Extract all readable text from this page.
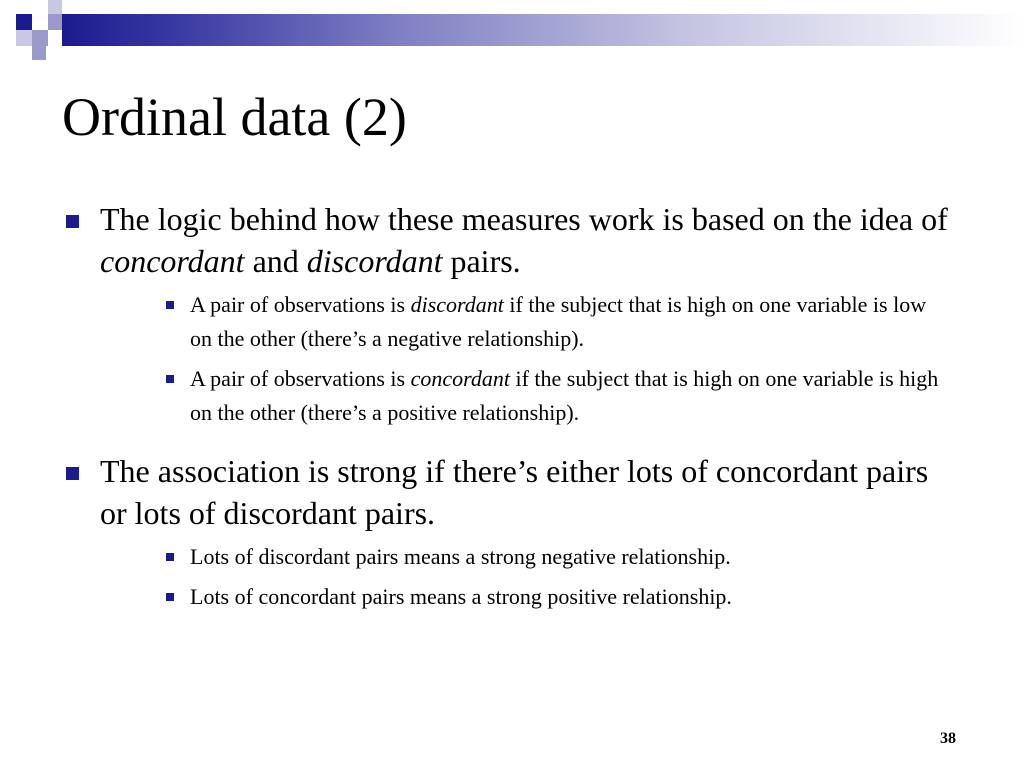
Ordinal data (2)

The logic behind how these measures work is based on the idea of concordant and discordant pairs.

A pair of observations is discordant if the subject that is high on one variable is low on the other (there’s a negative relationship).
A pair of observations is concordant if the subject that is high on one variable is high on the other (there’s a positive relationship).

The association is strong if there’s either lots of concordant pairs or lots of discordant pairs.

Lots of discordant pairs means a strong negative relationship.
Lots of concordant pairs means a strong positive relationship.
38
